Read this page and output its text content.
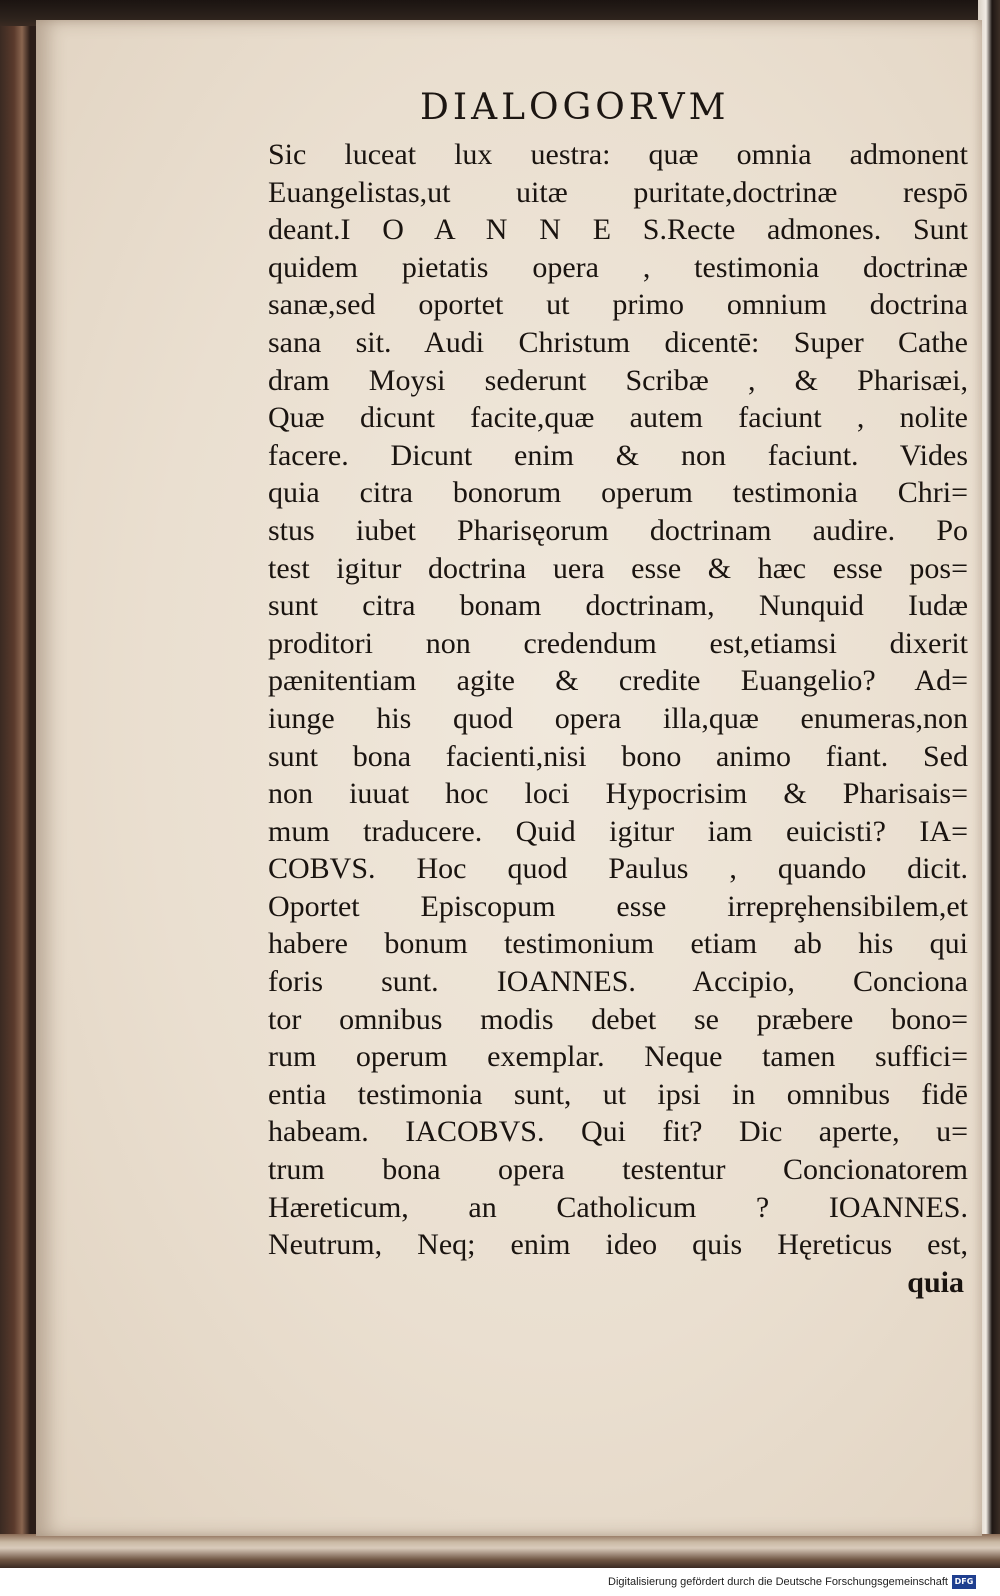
DIALOGORVM
Sic luceat lux uestra: quæ omnia admonent
Euangelistas,ut uitæ puritate,doctrinæ respō
deant.I O A N N E S.Recte admones. Sunt
quidem pietatis opera , testimonia doctrinæ
sanæ,sed oportet ut primo omnium doctrina
sana sit. Audi Christum dicentē: Super Cathe
dram Moysi sederunt Scribæ , & Pharisæi,
Quæ dicunt facite,quæ autem faciunt , nolite
facere. Dicunt enim & non faciunt. Vides
quia citra bonorum operum testimonia Chri=
stus iubet Pharisęorum doctrinam audire. Po
test igitur doctrina uera esse & hæc esse pos=
sunt citra bonam doctrinam, Nunquid Iudæ
proditori non credendum est,etiamsi dixerit
pænitentiam agite & credite Euangelio? Ad=
iunge his quod opera illa,quæ enumeras,non
sunt bona facienti,nisi bono animo fiant. Sed
non iuuat hoc loci Hypocrisim & Pharisais=
mum traducere. Quid igitur iam euicisti? IA=
COBVS. Hoc quod Paulus , quando dicit.
Oportet Episcopum esse irreprȩhensibilem,et
habere bonum testimonium etiam ab his qui
foris sunt. IOANNES. Accipio, Conciona
tor omnibus modis debet se præbere bono=
rum operum exemplar. Neque tamen suffici=
entia testimonia sunt, ut ipsi in omnibus fidē
habeam. IACOBVS. Qui fit? Dic aperte, u=
trum bona opera testentur Concionatorem
Hæreticum, an Catholicum ? IOANNES.
Neutrum, Neq; enim ideo quis Hęreticus est,
quia
Digitalisierung gefördert durch die Deutsche Forschungsgemeinschaft DFG
